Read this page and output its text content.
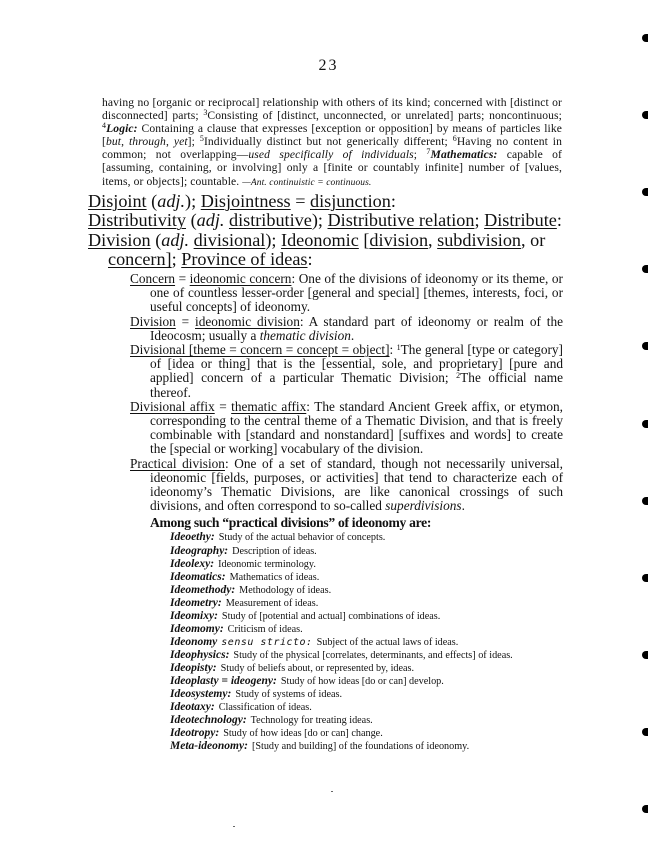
23
having no [organic or reciprocal] relationship with others of its kind; concerned with [distinct or disconnected] parts; $^3$Consisting of [distinct, unconnected, or unrelated] parts; noncontinuous; $^4$Logic: Containing a clause that expresses [exception or opposition] by means of particles like [but, through, yet]; $^5$Individually distinct but not generically different; $^6$Having no content in common; not overlapping—used specifically of individuals; $^7$Mathematics: capable of [assuming, containing, or involving] only a [finite or countably infinite] number of [values, items, or objects]; countable. —Ant. continuistic = continuous.
Disjoint (adj.); Disjointness = disjunction:
Distributivity (adj. distributive); Distributive relation; Distribute:
Division (adj. divisional); Ideonomic [division, subdivision, or
concern]; Province of ideas:

Concern = ideonomic concern: One of the divisions of ideonomy or its theme, or one of countless lesser-order [general and special] [themes, interests, foci, or useful concepts] of ideonomy.

Division = ideonomic division: A standard part of ideonomy or realm of the Ideocosm; usually a thematic division.

Divisional [theme = concern = concept = object]: $^1$The general [type or category] of [idea or thing] that is the [essential, sole, and proprietary] [pure and applied] concern of a particular Thematic Division; $^2$The official name thereof.

Divisional affix = thematic affix: The standard Ancient Greek affix, or etymon, corresponding to the central theme of a Thematic Division, and that is freely combinable with [standard and nonstandard] [suffixes and words] to create the [special or working] vocabulary of the division.

Practical division: One of a set of standard, though not necessarily universal, ideonomic [fields, purposes, or activities] that tend to characterize each of ideonomy’s Thematic Divisions, are like canonical crossings of such divisions, and often correspond to so-called superdivisions.

Among such “practical divisions” of ideonomy are:
Ideoethy: Study of the actual behavior of concepts.
Ideography: Description of ideas.
Ideolexy: Ideonomic terminology.
Ideomatics: Mathematics of ideas.
Ideomethody: Methodology of ideas.
Ideometry: Measurement of ideas.
Ideomixy: Study of [potential and actual] combinations of ideas.
Ideomomy: Criticism of ideas.
Ideonomy sensu stricto: Subject of the actual laws of ideas.
Ideophysics: Study of the physical [correlates, determinants, and effects] of ideas.
Ideopisty: Study of beliefs about, or represented by, ideas.
Ideoplasty = ideogeny: Study of how ideas [do or can] develop.
Ideosystemy: Study of systems of ideas.
Ideotaxy: Classification of ideas.
Ideotechnology: Technology for treating ideas.
Ideotropy: Study of how ideas [do or can] change.
Meta-ideonomy: [Study and building] of the foundations of ideonomy.
